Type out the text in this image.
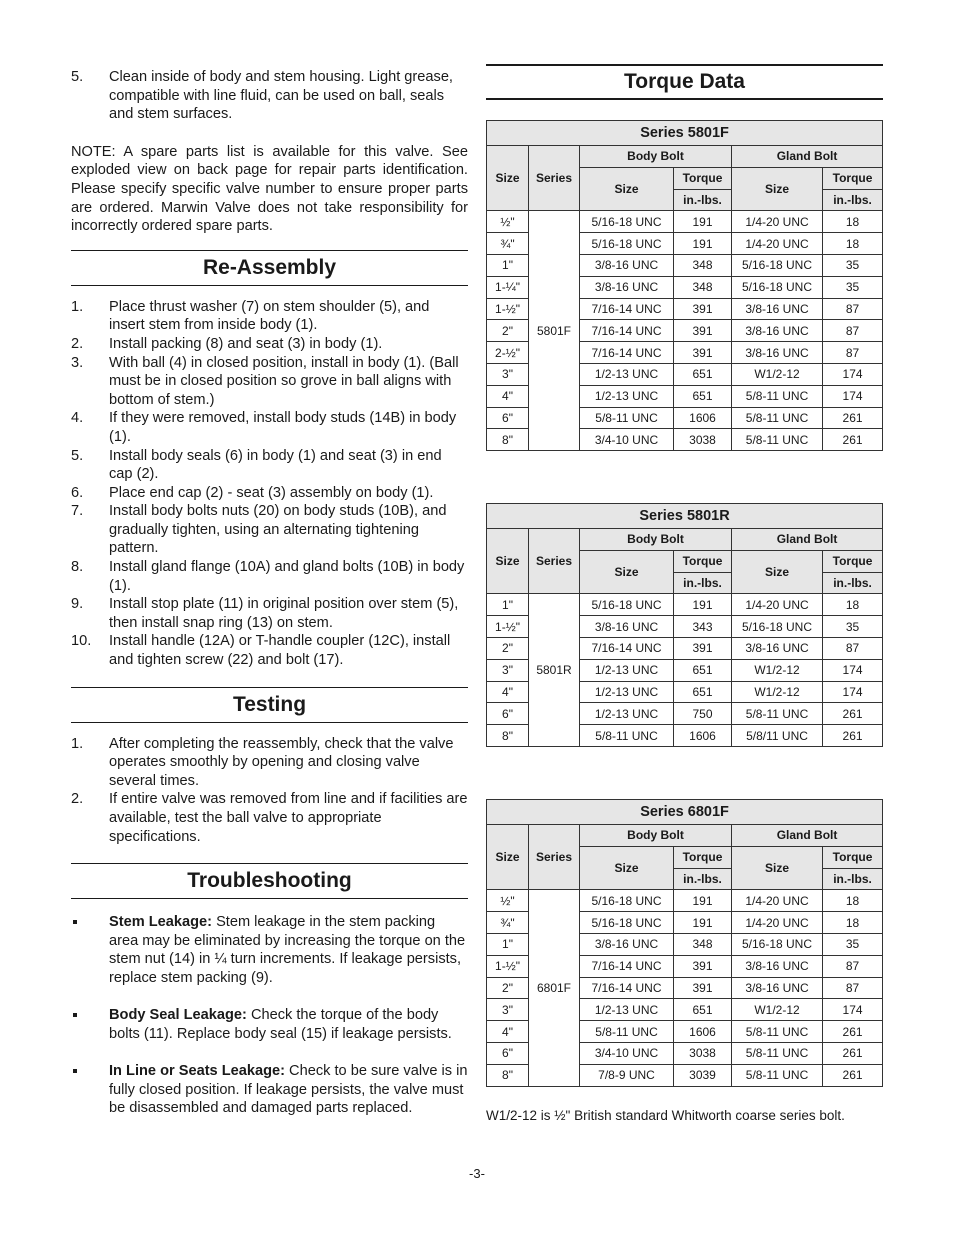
5. Clean inside of body and stem housing. Light grease, compatible with line fluid, can be used on ball, seals and stem surfaces.

NOTE: A spare parts list is available for this valve. See exploded view on back page for repair parts identification. Please specify specific valve number to ensure proper parts are ordered. Marwin Valve does not take responsibility for incorrectly ordered spare parts.

Re-Assembly
1. Place thrust washer (7) on stem shoulder (5), and insert stem from inside body (1).
2. Install packing (8) and seat (3) in body (1).
3. With ball (4) in closed position, install in body (1). (Ball must be in closed position so grove in ball aligns with bottom of stem.)
4. If they were removed, install body studs (14B) in body (1).
5. Install body seals (6) in body (1) and seat (3) in end cap (2).
6. Place end cap (2) - seat (3) assembly on body (1).
7. Install body bolts nuts (20) on body studs (10B), and gradually tighten, using an alternating tightening pattern.
8. Install gland flange (10A) and gland bolts (10B) in body (1).
9. Install stop plate (11) in original position over stem (5), then install snap ring (13) on stem.
10. Install handle (12A) or T-handle coupler (12C), install and tighten screw (22) and bolt (17).
Testing
1. After completing the reassembly, check that the valve operates smoothly by opening and closing valve several times.
2. If entire valve was removed from line and if facilities are available, test the ball valve to appropriate specifications.
Troubleshooting
Stem Leakage: Stem leakage in the stem packing area may be eliminated by increasing the torque on the stem nut (14) in ¼ turn increments. If leakage persists, replace stem packing (9).
Body Seal Leakage: Check the torque of the body bolts (11). Replace body seal (15) if leakage persists.
In Line or Seats Leakage: Check to be sure valve is in fully closed position. If leakage persists, the valve must be disassembled and damaged parts replaced.
Torque Data
Series 5801F					
Size	Series	Body Bolt		Gland Bolt	
		Size	Torque	Size	Torque
			in.-lbs.		in.-lbs.
½"	5801F	5/16-18 UNC	191	1/4-20 UNC	18
¾"		5/16-18 UNC	191	1/4-20 UNC	18
1"		3/8-16 UNC	348	5/16-18 UNC	35
1-¼"		3/8-16 UNC	348	5/16-18 UNC	35
1-½"		7/16-14 UNC	391	3/8-16 UNC	87
2"		7/16-14 UNC	391	3/8-16 UNC	87
2-½"		7/16-14 UNC	391	3/8-16 UNC	87
3"		1/2-13 UNC	651	W1/2-12	174
4"		1/2-13 UNC	651	5/8-11 UNC	174
6"		5/8-11 UNC	1606	5/8-11 UNC	261
8"		3/4-10 UNC	3038	5/8-11 UNC	261
Series 5801R					
Size	Series	Body Bolt		Gland Bolt	
		Size	Torque	Size	Torque
			in.-lbs.		in.-lbs.
1"	5801R	5/16-18 UNC	191	1/4-20 UNC	18
1-½"		3/8-16 UNC	343	5/16-18 UNC	35
2"		7/16-14 UNC	391	3/8-16 UNC	87
3"		1/2-13 UNC	651	W1/2-12	174
4"		1/2-13 UNC	651	W1/2-12	174
6"		1/2-13 UNC	750	5/8-11 UNC	261
8"		5/8-11 UNC	1606	5/8/11 UNC	261
Series 6801F					
Size	Series	Body Bolt		Gland Bolt	
		Size	Torque	Size	Torque
			in.-lbs.		in.-lbs.
½"	6801F	5/16-18 UNC	191	1/4-20 UNC	18
¾"		5/16-18 UNC	191	1/4-20 UNC	18
1"		3/8-16 UNC	348	5/16-18 UNC	35
1-½"		7/16-14 UNC	391	3/8-16 UNC	87
2"		7/16-14 UNC	391	3/8-16 UNC	87
3"		1/2-13 UNC	651	W1/2-12	174
4"		5/8-11 UNC	1606	5/8-11 UNC	261
6"		3/4-10 UNC	3038	5/8-11 UNC	261
8"		7/8-9 UNC	3039	5/8-11 UNC	261
W1/2-12 is ½" British standard Whitworth coarse series bolt.
-3-
